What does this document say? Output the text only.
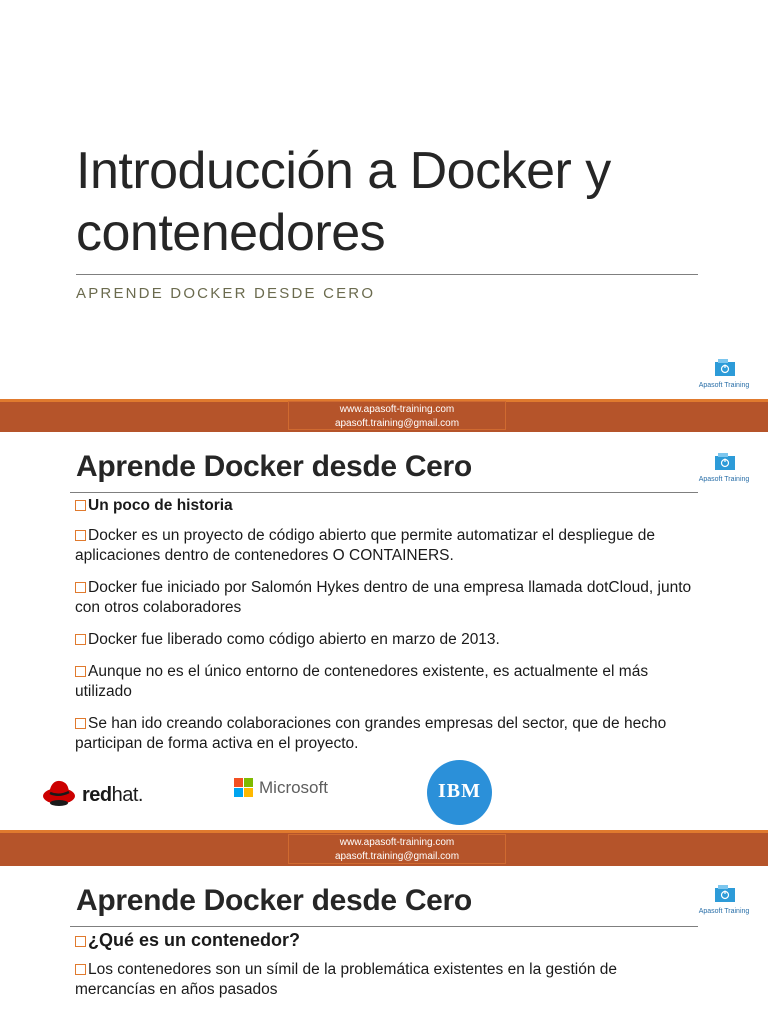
Introducción a Docker y contenedores
APRENDE DOCKER DESDE CERO
Apasoft Training
www.apasoft-training.com
apasoft.training@gmail.com
Aprende Docker desde Cero	Apasoft Training
Un poco de historia
Docker es un proyecto de código abierto que permite automatizar el despliegue de aplicaciones dentro de contenedores O CONTAINERS.
Docker fue iniciado por Salomón Hykes dentro de una empresa llamada dotCloud, junto con otros colaboradores
Docker fue liberado como código abierto en marzo de 2013.
Aunque no es el único entorno de contenedores existente, es actualmente el más utilizado
Se han ido creando colaboraciones con grandes empresas del sector, que de hecho participan de forma activa en el proyecto.
redhat.	Microsoft	IBM
www.apasoft-training.com
apasoft.training@gmail.com
Aprende Docker desde Cero	Apasoft Training
¿Qué es un contenedor?
Los contenedores son un símil de la problemática existentes en la gestión de mercancías en años pasados
